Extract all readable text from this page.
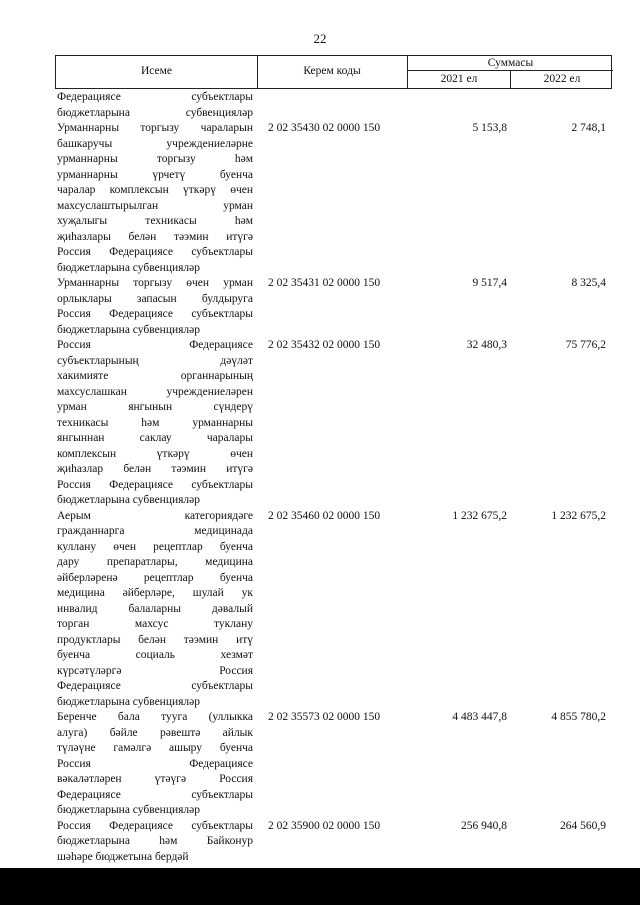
22
Исеме	Керем коды
Суммасы
2021 ел	2022 ел
Федерациясе субъектлары
бюджетларына субвенцияләр
Урманнарны торгызу чараларын
башкаручы учреждениеләрне
урманнарны торгызу һәм
урманнарны үрчетү буенча
чаралар комплексын үткәрү өчен
махсуслаштырылган урман
хуҗалыгы техникасы һәм
җиһазлары белән тәэмин итүгә
Россия Федерациясе субъектлары
бюджетларына субвенцияләр
2 02 35430 02 0000 150	5 153,8	2 748,1
Урманнарны торгызу өчен урман
орлыклары запасын булдыруга
Россия Федерациясе субъектлары
бюджетларына субвенцияләр
2 02 35431 02 0000 150	9 517,4	8 325,4
Россия Федерациясе
субъектларының дәүләт
хакимияте органнарының
махсуслашкан учреждениеләрен
урман янгынын сүндерү
техникасы һәм урманнарны
янгыннан саклау чаралары
комплексын үткәрү өчен
җиһазлар белән тәэмин итүгә
Россия Федерациясе субъектлары
бюджетларына субвенцияләр
2 02 35432 02 0000 150	32 480,3	75 776,2
Аерым категориядәге
гражданнарга медицинада
куллану өчен рецептлар буенча
дару препаратлары, медицина
әйберләренә рецептлар буенча
медицина әйберләре, шулай ук
инвалид балаларны дәвалый
торган махсус туклану
продуктлары белән тәэмин итү
буенча социаль хезмәт
күрсәтүләргә Россия
Федерациясе субъектлары
бюджетларына субвенцияләр
2 02 35460 02 0000 150	1 232 675,2	1 232 675,2
Беренче бала туугa (уллыкка
алуга) бәйле рәвештә айлык
түләүне гамәлгә ашыру буенча
Россия Федерациясе
вәкаләтләрен үтәүгә Россия
Федерациясе субъектлары
бюджетларына субвенцияләр
2 02 35573 02 0000 150	4 483 447,8	4 855 780,2
Россия Федерациясе субъектлары
бюджетларына һәм Байконур
шәһәре бюджетына бердәй
2 02 35900 02 0000 150	256 940,8	264 560,9
